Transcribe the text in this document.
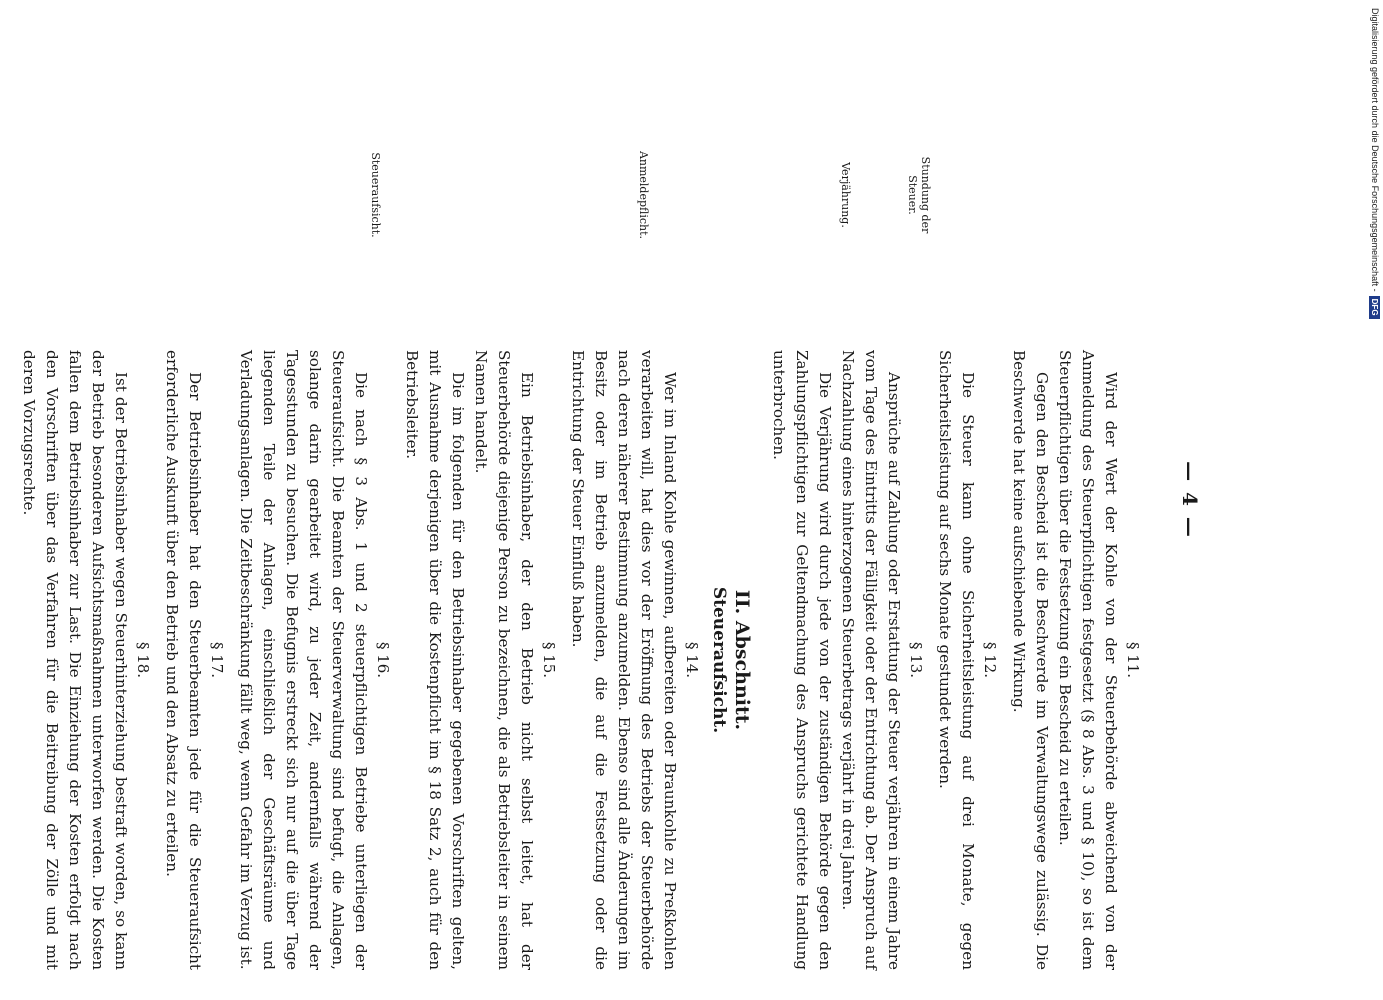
Digitalisierung gefördert durch die Deutsche Forschungsgemeinschaft -
DFG
— 4 —
§ 11.

Wird der Wert der Kohle von der Steuerbehörde abweichend von der Anmeldung des Steuerpflichtigen festgesetzt (§ 8 Abs. 3 und § 10), so ist dem Steuerpflichtigen über die Festsetzung ein Bescheid zu erteilen.

Gegen den Bescheid ist die Beschwerde im Verwaltungswege zulässig. Die Beschwerde hat keine aufschiebende Wirkung.

§ 12.

Die Steuer kann ohne Sicherheitsleistung auf drei Monate, gegen Sicherheitsleistung auf sechs Monate gestundet werden.

§ 13.

Ansprüche auf Zahlung oder Erstattung der Steuer verjähren in einem Jahre vom Tage des Eintritts der Fälligkeit oder der Entrichtung ab. Der Anspruch auf Nachzahlung eines hinterzogenen Steuerbetrags verjährt in drei Jahren.

Die Verjährung wird durch jede von der zuständigen Behörde gegen den Zahlungspflichtigen zur Geltendmachung des Anspruchs gerichtete Handlung unterbrochen.

II. Abschnitt.
Steueraufsicht.
§ 14.

Wer im Inland Kohle gewinnen, aufbereiten oder Braunkohle zu Preßkohlen verarbeiten will, hat dies vor der Eröffnung des Betriebs der Steuerbehörde nach deren näherer Bestimmung anzumelden. Ebenso sind alle Änderungen im Besitz oder im Betrieb anzumelden, die auf die Festsetzung oder die Entrichtung der Steuer Einfluß haben.

§ 15.

Ein Betriebsinhaber, der den Betrieb nicht selbst leitet, hat der Steuerbehörde diejenige Person zu bezeichnen, die als Betriebsleiter in seinem Namen handelt.

Die im folgenden für den Betriebsinhaber gegebenen Vorschriften gelten, mit Ausnahme derjenigen über die Kostenpflicht im § 18 Satz 2, auch für den Betriebsleiter.

§ 16.

Die nach § 3 Abs. 1 und 2 steuerpflichtigen Betriebe unterliegen der Steueraufsicht. Die Beamten der Steuerverwaltung sind befugt, die Anlagen, solange darin gearbeitet wird, zu jeder Zeit, andernfalls während der Tagesstunden zu besuchen. Die Befugnis erstreckt sich nur auf die über Tage liegenden Teile der Anlagen, einschließlich der Geschäftsräume und Verladungsanlagen. Die Zeitbeschränkung fällt weg, wenn Gefahr im Verzug ist.

§ 17.

Der Betriebsinhaber hat den Steuerbeamten jede für die Steueraufsicht erforderliche Auskunft über den Betrieb und den Absatz zu erteilen.

§ 18.

Ist der Betriebsinhaber wegen Steuerhinterziehung bestraft worden, so kann der Betrieb besonderen Aufsichtsmaßnahmen unterworfen werden. Die Kosten fallen dem Betriebsinhaber zur Last. Die Einziehung der Kosten erfolgt nach den Vorschriften über das Verfahren für die Beitreibung der Zölle und mit deren Vorzugsrechte.

Stundung der Steuer.
Verjährung.
Anmeldepflicht.
Steueraufsicht.
